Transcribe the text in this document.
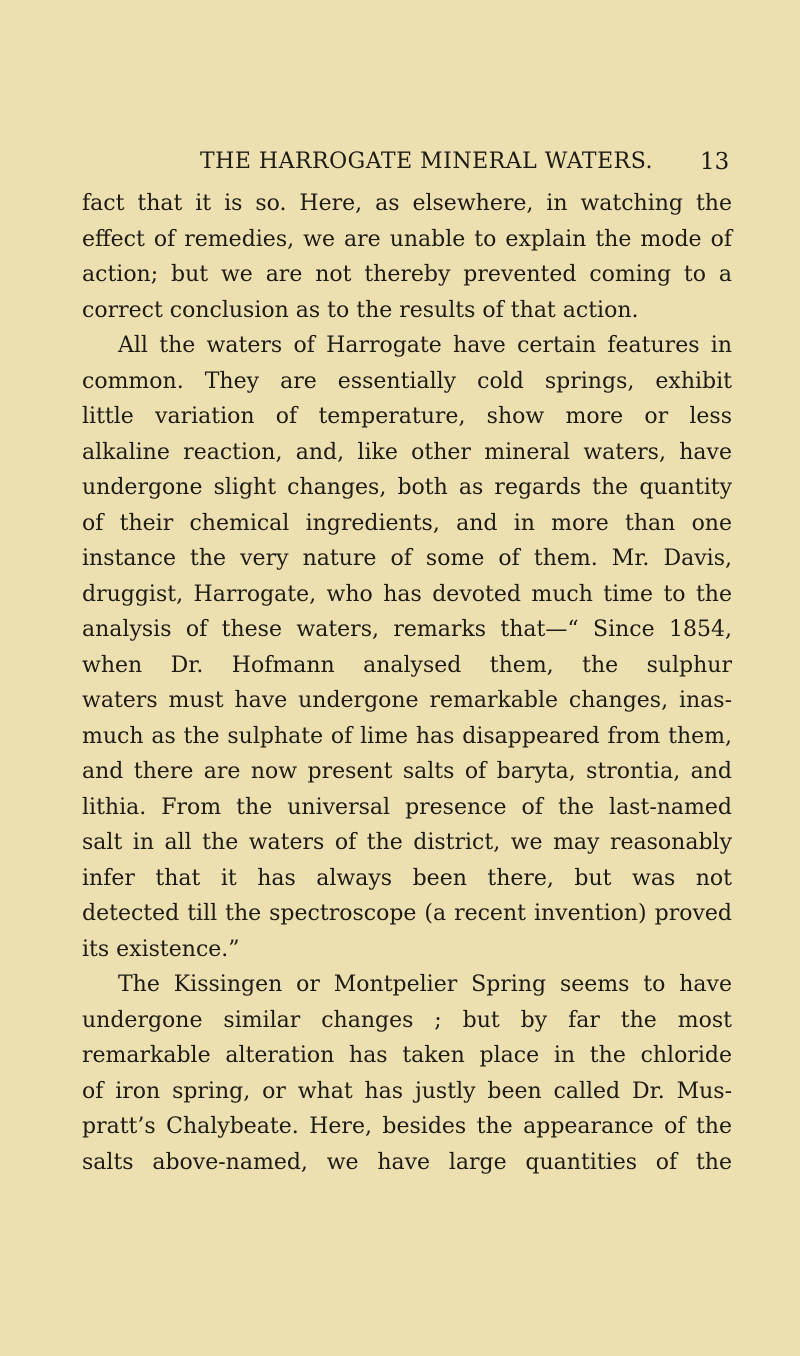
THE HARROGATE MINERAL WATERS. 13
fact that it is so. Here, as elsewhere, in watching the
effect of remedies, we are unable to explain the mode of
action; but we are not thereby prevented coming to a
correct conclusion as to the results of that action.
All the waters of Harrogate have certain features in
common. They are essentially cold springs, exhibit
little variation of temperature, show more or less
alkaline reaction, and, like other mineral waters, have
undergone slight changes, both as regards the quantity
of their chemical ingredients, and in more than one
instance the very nature of some of them. Mr. Davis,
druggist, Harrogate, who has devoted much time to the
analysis of these waters, remarks that—“ Since 1854,
when Dr. Hofmann analysed them, the sulphur
waters must have undergone remarkable changes, inas-
much as the sulphate of lime has disappeared from them,
and there are now present salts of baryta, strontia, and
lithia. From the universal presence of the last-named
salt in all the waters of the district, we may reasonably
infer that it has always been there, but was not
detected till the spectroscope (a recent invention) proved
its existence.”
The Kissingen or Montpelier Spring seems to have
undergone similar changes ; but by far the most
remarkable alteration has taken place in the chloride
of iron spring, or what has justly been called Dr. Mus-
pratt’s Chalybeate. Here, besides the appearance of the
salts above-named, we have large quantities of the
